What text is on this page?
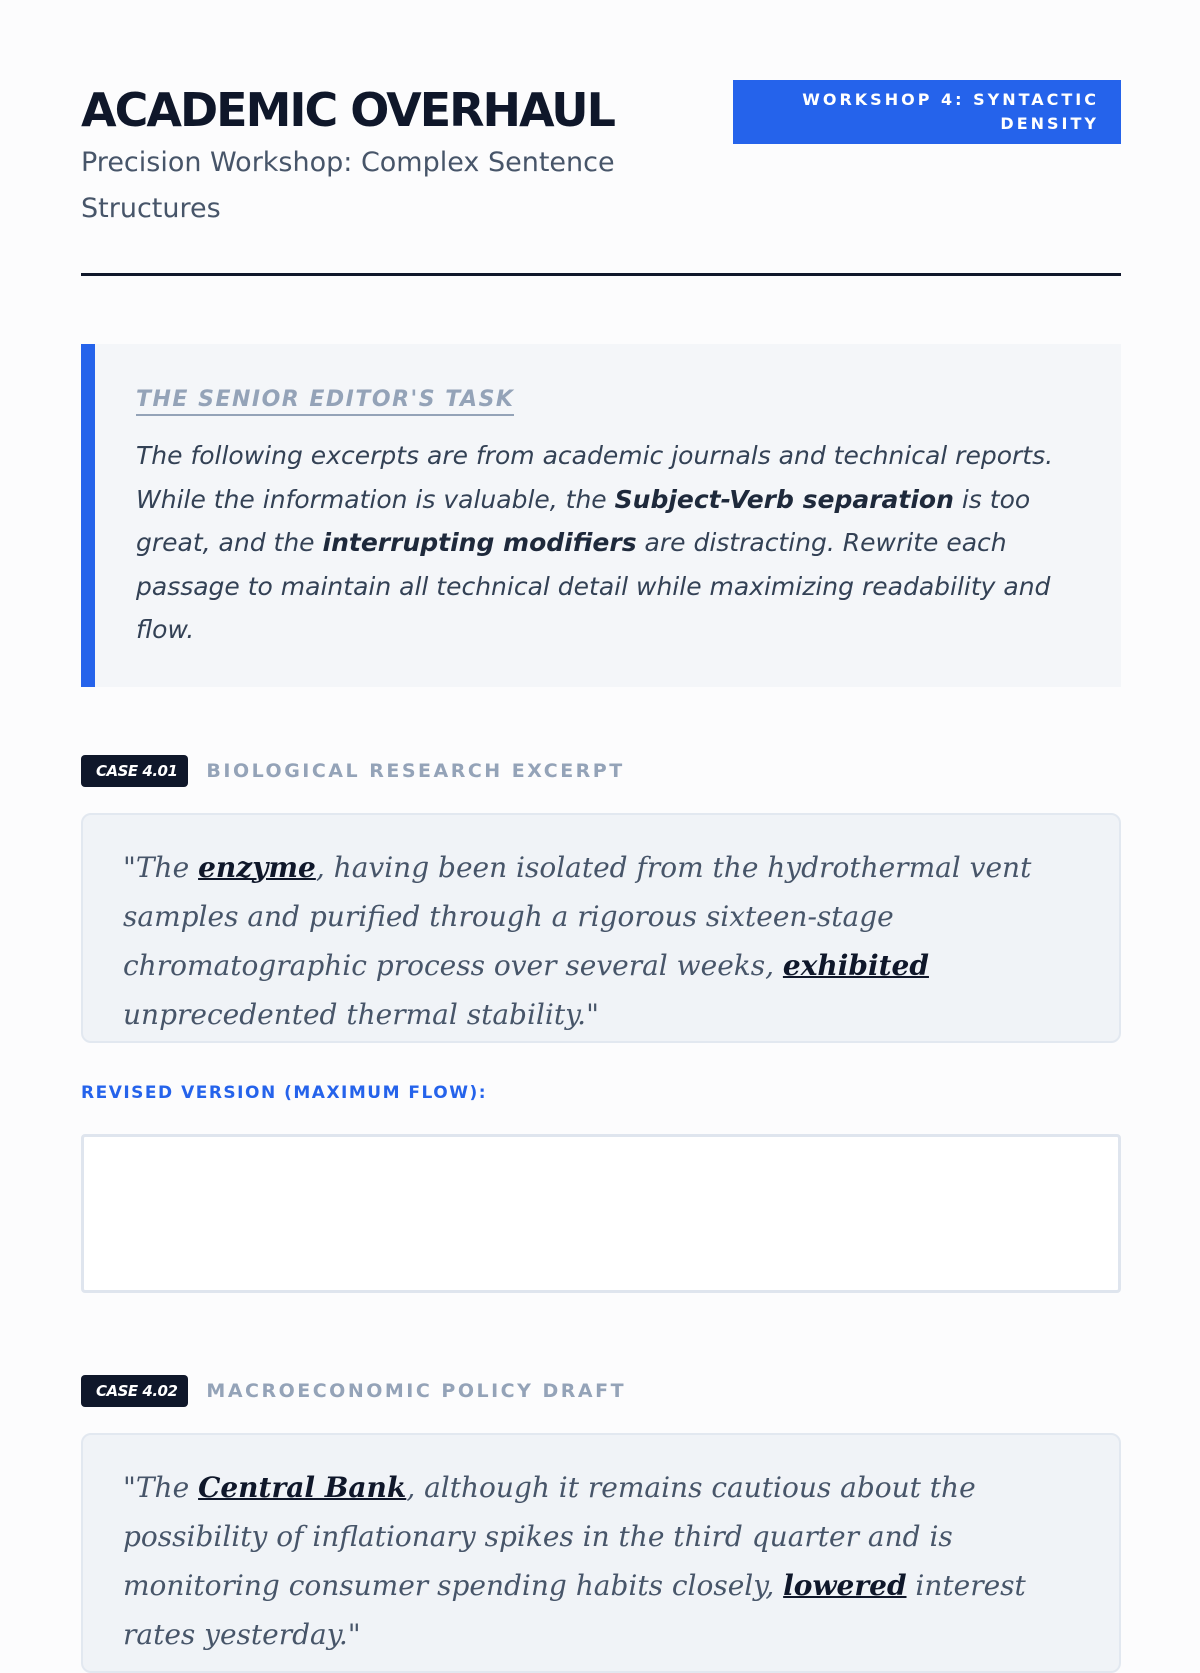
ACADEMIC OVERHAUL

Precision Workshop: Complex Sentence Structures

WORKSHOP 4: SYNTACTIC DENSITY
THE SENIOR EDITOR'S TASK

The following excerpts are from academic journals and technical reports. While the information is valuable, the Subject-Verb separation is too great, and the interrupting modifiers are distracting. Rewrite each passage to maintain all technical detail while maximizing readability and flow.

CASE 4.01 BIOLOGICAL RESEARCH EXCERPT

"The enzyme, having been isolated from the hydrothermal vent samples and purified through a rigorous sixteen-stage chromatographic process over several weeks, exhibited unprecedented thermal stability."

REVISED VERSION (MAXIMUM FLOW):
CASE 4.02 MACROECONOMIC POLICY DRAFT

"The Central Bank, although it remains cautious about the possibility of inflationary spikes in the third quarter and is monitoring consumer spending habits closely, lowered interest rates yesterday."
